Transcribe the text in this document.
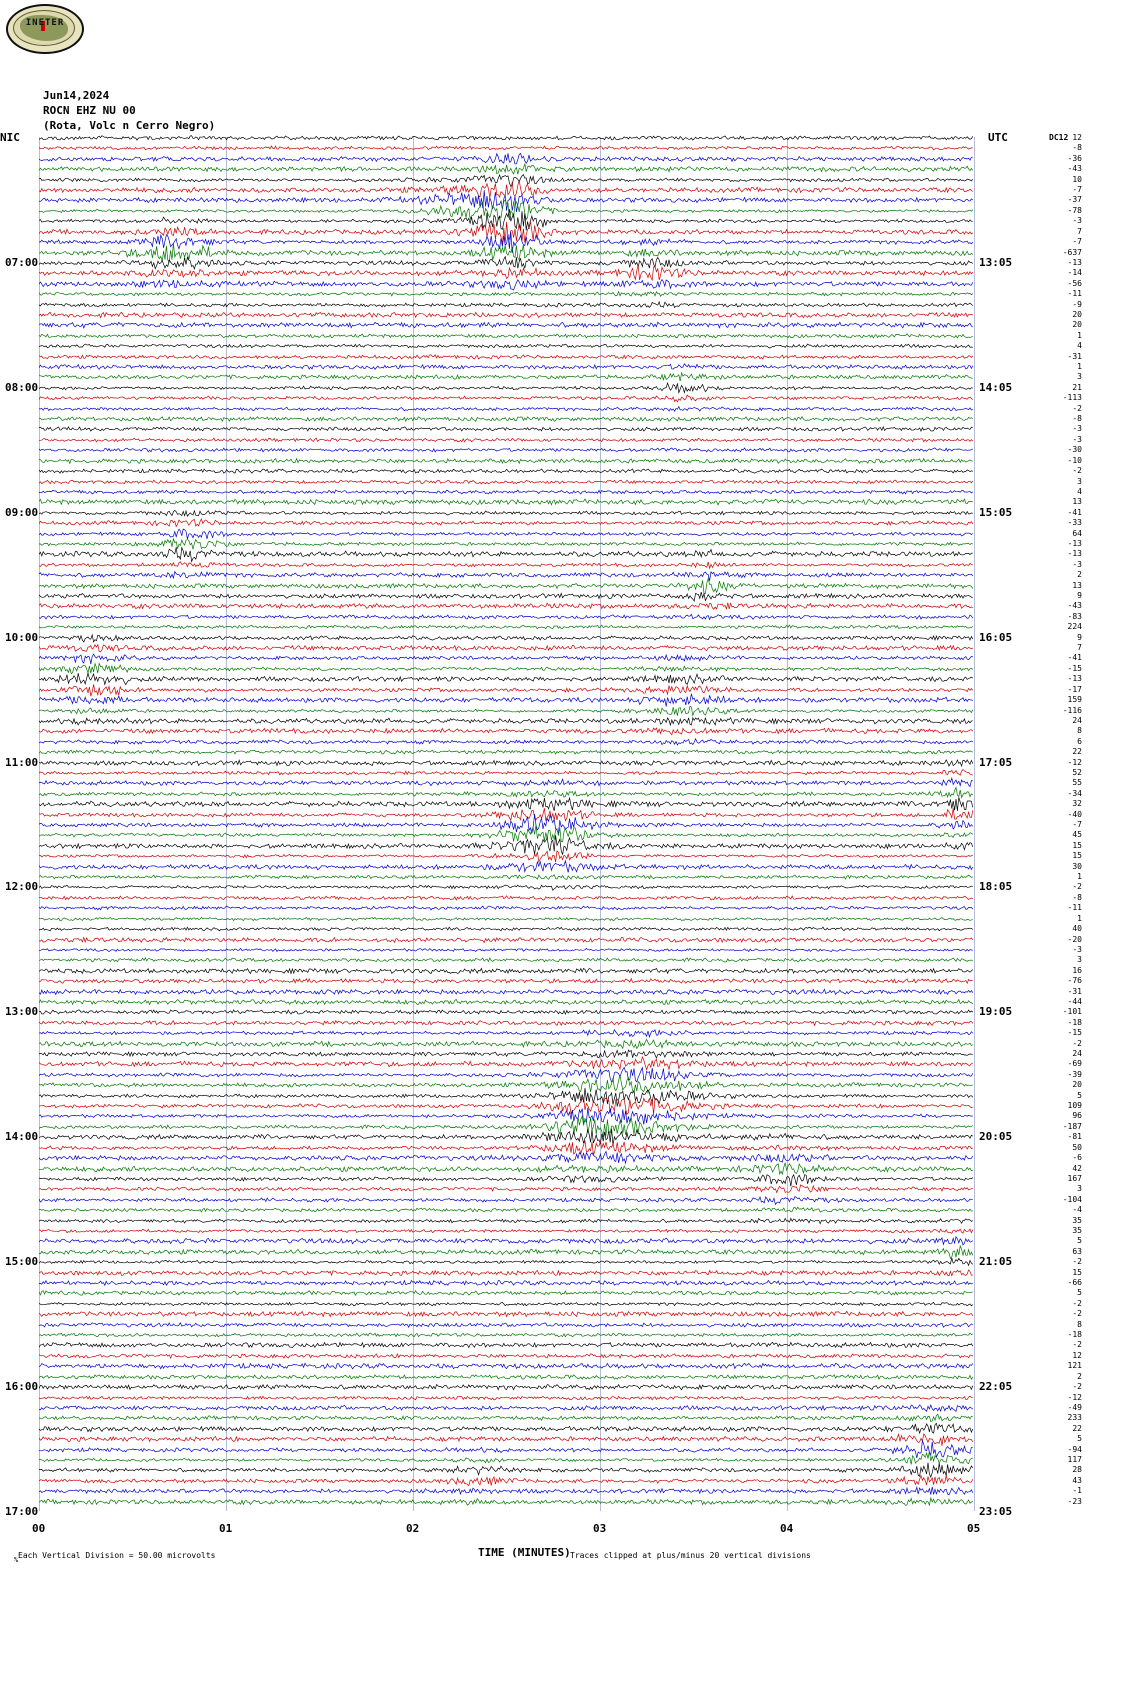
INETER
Jun14,2024
ROCN EHZ NU 00
(Rota, Volc n Cerro Negro)
NIC	UTC	DC12
00	01	02	03	04	05
Each Vertical Division = 50.00 microvolts	TIME (MINUTES) Traces clipped at plus/minus 20 vertical divisions
%
12
-8
-36
-43
10
-7
-37
-78
-3
7
-7
-637
-13
-14
-56
-11
-9
20
20
1
4
-31
1
3
21
-113
-2
-8
-3
-3
-30
-10
-2
3
4
13
-41
-33
64
-13
-13
-3
2
13
9
-43
-83
224
9
7
-41
-15
-13
-17
159
-116
24
8
6
22
-12
52
55
-34
32
-40
-7
45
15
15
30
1
-2
-8
-11
1
40
-20
-3
3
16
-76
-31
-44
-101
-18
-15
-2
24
-69
-39
20
5
109
96
-187
-81
50
-6
42
167
3
-104
-4
35
35
5
63
-2
15
-66
5
-2
-2
8
-18
-2
12
121
2
-2
-12
-49
233
22
5
-94
117
28
43
-1
-23
07:00	13:05
08:00	14:05
09:00	15:05
10:00	16:05
11:00	17:05
12:00	18:05
13:00	19:05
14:00	20:05
15:00	21:05
16:00	22:05
17:00	23:05
